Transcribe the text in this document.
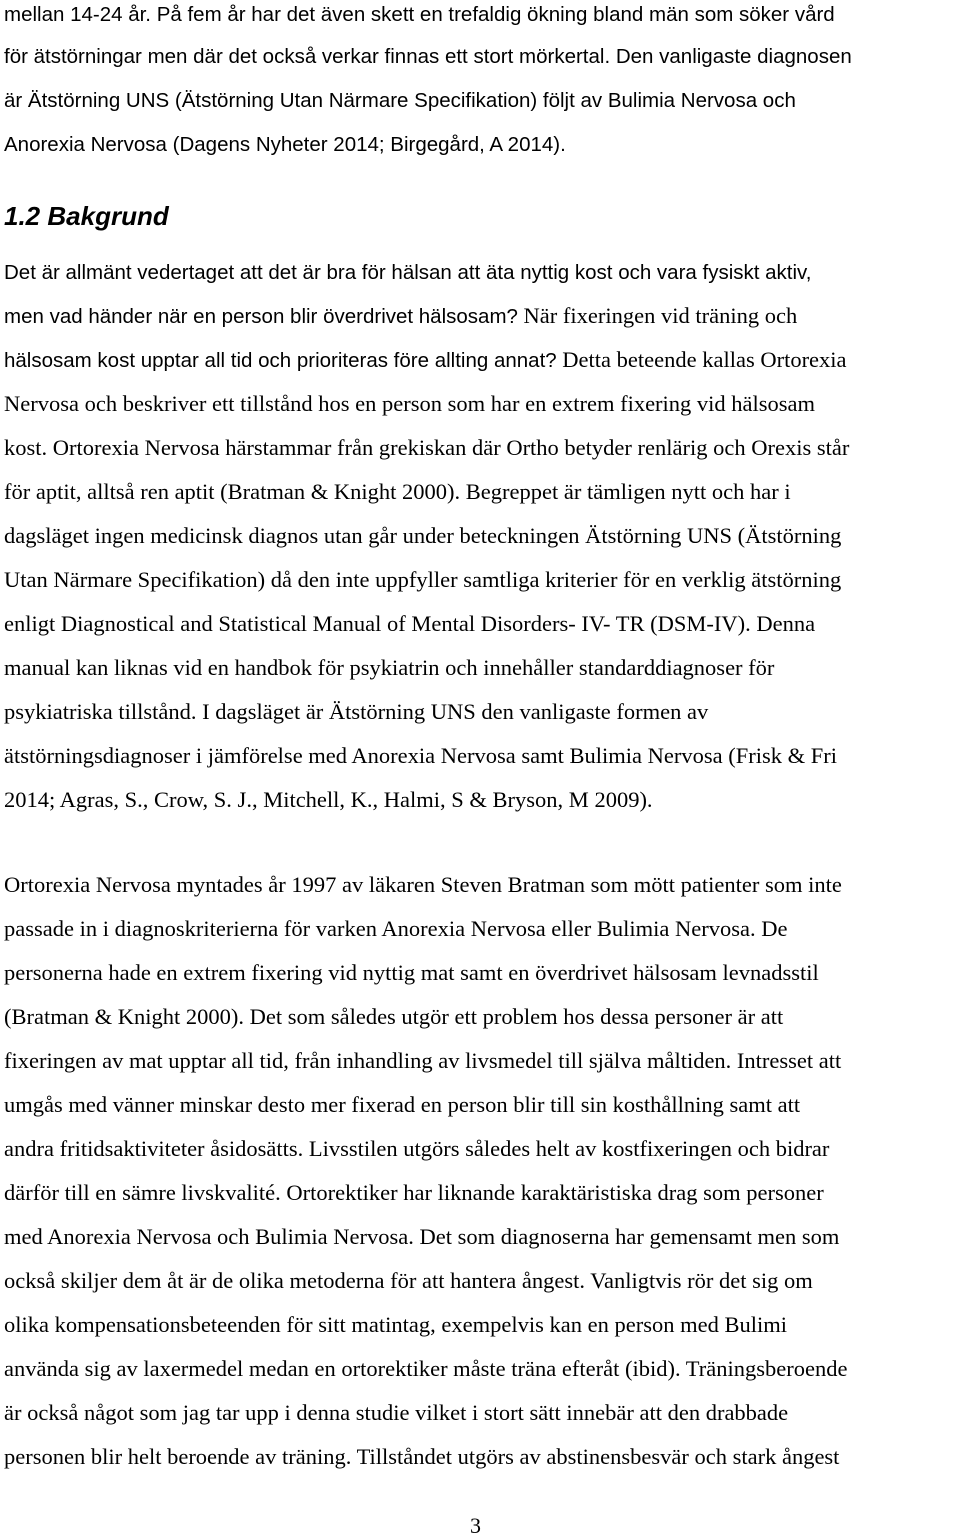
mellan 14-24 år. På fem år har det även skett en trefaldig ökning bland män som söker vård
för ätstörningar men där det också verkar finnas ett stort mörkertal. Den vanligaste diagnosen
är Ätstörning UNS (Ätstörning Utan Närmare Specifikation) följt av Bulimia Nervosa och
Anorexia Nervosa (Dagens Nyheter 2014; Birgegård, A 2014).
1.2 Bakgrund
Det är allmänt vedertaget att det är bra för hälsan att äta nyttig kost och vara fysiskt aktiv,
men vad händer när en person blir överdrivet hälsosam? När fixeringen vid träning och
hälsosam kost upptar all tid och prioriteras före allting annat? Detta beteende kallas Ortorexia
Nervosa och beskriver ett tillstånd hos en person som har en extrem fixering vid hälsosam
kost. Ortorexia Nervosa härstammar från grekiskan där Ortho betyder renlärig och Orexis står
för aptit, alltså ren aptit (Bratman & Knight 2000). Begreppet är tämligen nytt och har i
dagsläget ingen medicinsk diagnos utan går under beteckningen Ätstörning UNS (Ätstörning
Utan Närmare Specifikation) då den inte uppfyller samtliga kriterier för en verklig ätstörning
enligt Diagnostical and Statistical Manual of Mental Disorders- IV- TR (DSM-IV). Denna
manual kan liknas vid en handbok för psykiatrin och innehåller standarddiagnoser för
psykiatriska tillstånd. I dagsläget är Ätstörning UNS den vanligaste formen av
ätstörningsdiagnoser i jämförelse med Anorexia Nervosa samt Bulimia Nervosa (Frisk & Fri
2014; Agras, S., Crow, S. J., Mitchell, K., Halmi, S & Bryson, M 2009).
Ortorexia Nervosa myntades år 1997 av läkaren Steven Bratman som mött patienter som inte
passade in i diagnoskriterierna för varken Anorexia Nervosa eller Bulimia Nervosa. De
personerna hade en extrem fixering vid nyttig mat samt en överdrivet hälsosam levnadsstil
(Bratman & Knight 2000). Det som således utgör ett problem hos dessa personer är att
fixeringen av mat upptar all tid, från inhandling av livsmedel till själva måltiden. Intresset att
umgås med vänner minskar desto mer fixerad en person blir till sin kosthållning samt att
andra fritidsaktiviteter åsidosätts. Livsstilen utgörs således helt av kostfixeringen och bidrar
därför till en sämre livskvalité. Ortorektiker har liknande karaktäristiska drag som personer
med Anorexia Nervosa och Bulimia Nervosa. Det som diagnoserna har gemensamt men som
också skiljer dem åt är de olika metoderna för att hantera ångest. Vanligtvis rör det sig om
olika kompensationsbeteenden för sitt matintag, exempelvis kan en person med Bulimi
använda sig av laxermedel medan en ortorektiker måste träna efteråt (ibid). Träningsberoende
är också något som jag tar upp i denna studie vilket i stort sätt innebär att den drabbade
personen blir helt beroende av träning. Tillståndet utgörs av abstinensbesvär och stark ångest
3
